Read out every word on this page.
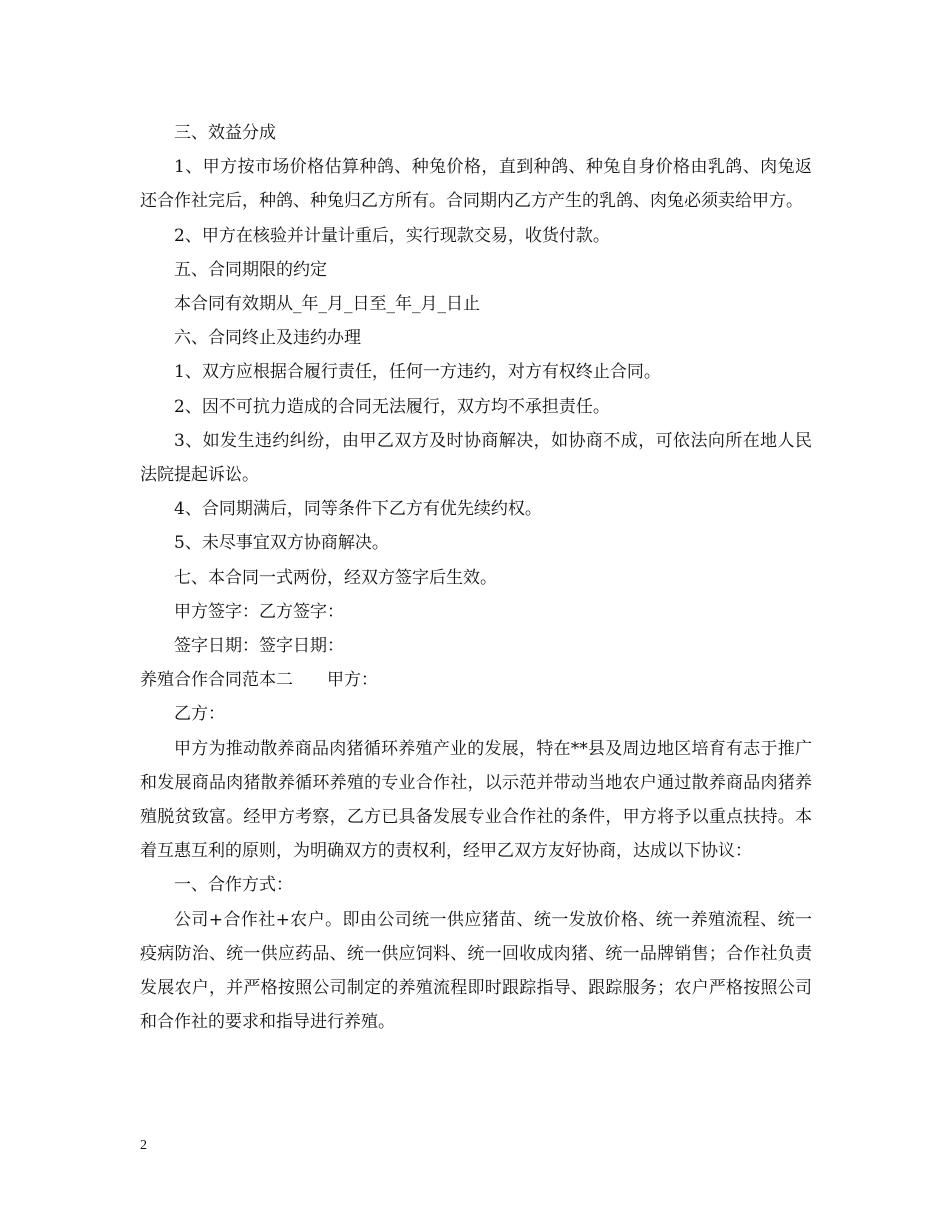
三、效益分成

1、甲方按市场价格估算种鸽、种兔价格，直到种鸽、种兔自身价格由乳鸽、肉兔返还合作社完后，种鸽、种兔归乙方所有。合同期内乙方产生的乳鸽、肉兔必须卖给甲方。

2、甲方在核验并计量计重后，实行现款交易，收货付款。

五、合同期限的约定

本合同有效期从_年_月_日至_年_月_日止

六、合同终止及违约办理

1、双方应根据合履行责任，任何一方违约，对方有权终止合同。

2、因不可抗力造成的合同无法履行，双方均不承担责任。

3、如发生违约纠纷，由甲乙双方及时协商解决，如协商不成，可依法向所在地人民法院提起诉讼。

4、合同期满后，同等条件下乙方有优先续约权。

5、未尽事宜双方协商解决。

七、本合同一式两份，经双方签字后生效。

甲方签字：乙方签字：

签字日期：签字日期：

养殖合作合同范本二　　甲方：

乙方：

甲方为推动散养商品肉猪循环养殖产业的发展，特在**县及周边地区培育有志于推广和发展商品肉猪散养循环养殖的专业合作社，以示范并带动当地农户通过散养商品肉猪养殖脱贫致富。经甲方考察，乙方已具备发展专业合作社的条件，甲方将予以重点扶持。本着互惠互利的原则，为明确双方的责权利，经甲乙双方友好协商，达成以下协议：

一、合作方式：

公司+合作社+农户。即由公司统一供应猪苗、统一发放价格、统一养殖流程、统一疫病防治、统一供应药品、统一供应饲料、统一回收成肉猪、统一品牌销售；合作社负责发展农户，并严格按照公司制定的养殖流程即时跟踪指导、跟踪服务；农户严格按照公司和合作社的要求和指导进行养殖。

2
